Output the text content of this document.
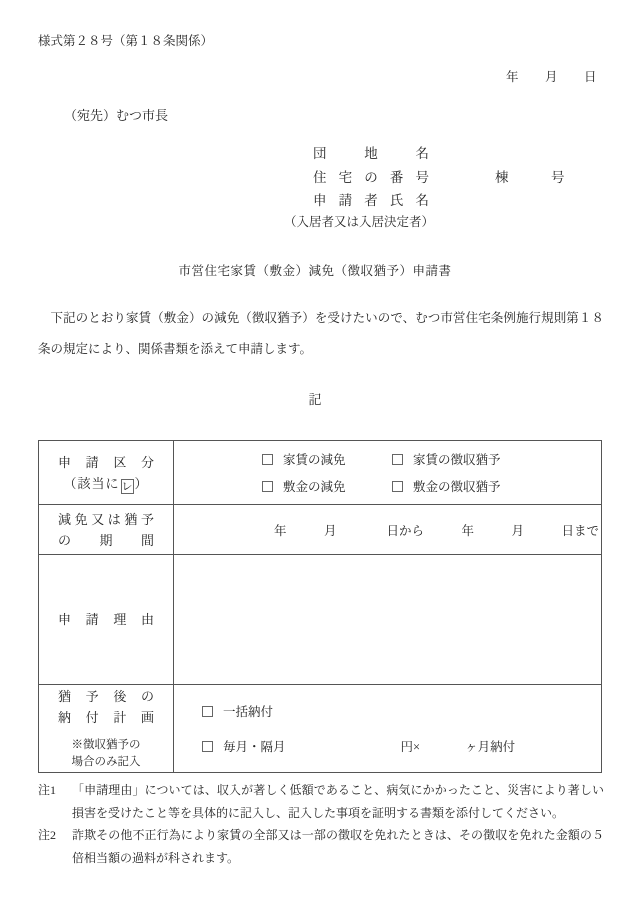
様式第２８号（第１８条関係）
年　　月　　日
（宛先）むつ市長
団地名
住宅の番号	棟	号
申請者氏名
（入居者又は入居決定者）
市営住宅家賃（敷金）減免（徴収猶予）申請書
下記のとおり家賃（敷金）の減免（徴収猶予）を受けたいので、むつ市営住宅条例施行規則第１８条の規定により、関係書類を添えて申請します。
記
申請区分
（該当に レ ）

家賃の減免	家賃の徴収猶予
敷金の減免	敷金の徴収猶予

減免又は猶予
の期間	年　　　月　　　　日から　　　年　　　月　　　日まで

申請理由	

猶予後の
納付計画
※徴収猶予の
場合のみ記入

一括納付
毎月・隔月	円×	ヶ月納付
注1 「申請理由」については、収入が著しく低額であること、病気にかかったこと、災害により著しい損害を受けたこと等を具体的に記入し、記入した事項を証明する書類を添付してください。
注2 詐欺その他不正行為により家賃の全部又は一部の徴収を免れたときは、その徴収を免れた金額の５倍相当額の過料が科されます。
